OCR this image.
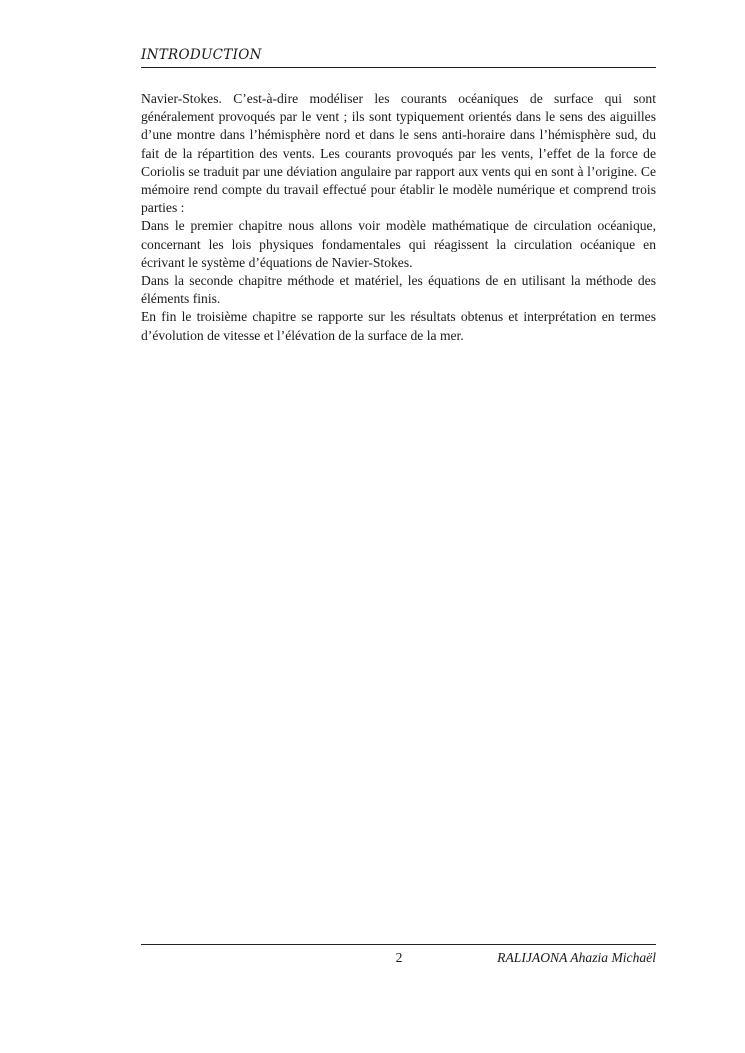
INTRODUCTION

Navier-Stokes. C’est-à-dire modéliser les courants océaniques de surface qui sont généralement provoqués par le vent ; ils sont typiquement orientés dans le sens des aiguilles d’une montre dans l’hémisphère nord et dans le sens anti-horaire dans l’hémisphère sud, du fait de la répartition des vents. Les courants provoqués par les vents, l’effet de la force de Coriolis se traduit par une déviation angulaire par rapport aux vents qui en sont à l’origine. Ce mémoire rend compte du travail effectué pour établir le modèle numérique et comprend trois parties :

Dans le premier chapitre nous allons voir modèle mathématique de circulation océanique, concernant les lois physiques fondamentales qui réagissent la circulation océanique en écrivant le système d’équations de Navier-Stokes.

Dans la seconde chapitre méthode et matériel, les équations de en utilisant la méthode des éléments finis.

En fin le troisième chapitre se rapporte sur les résultats obtenus et interprétation en termes d’évolution de vitesse et l’élévation de la surface de la mer.

2	RALIJAONA Ahazia Michaël
